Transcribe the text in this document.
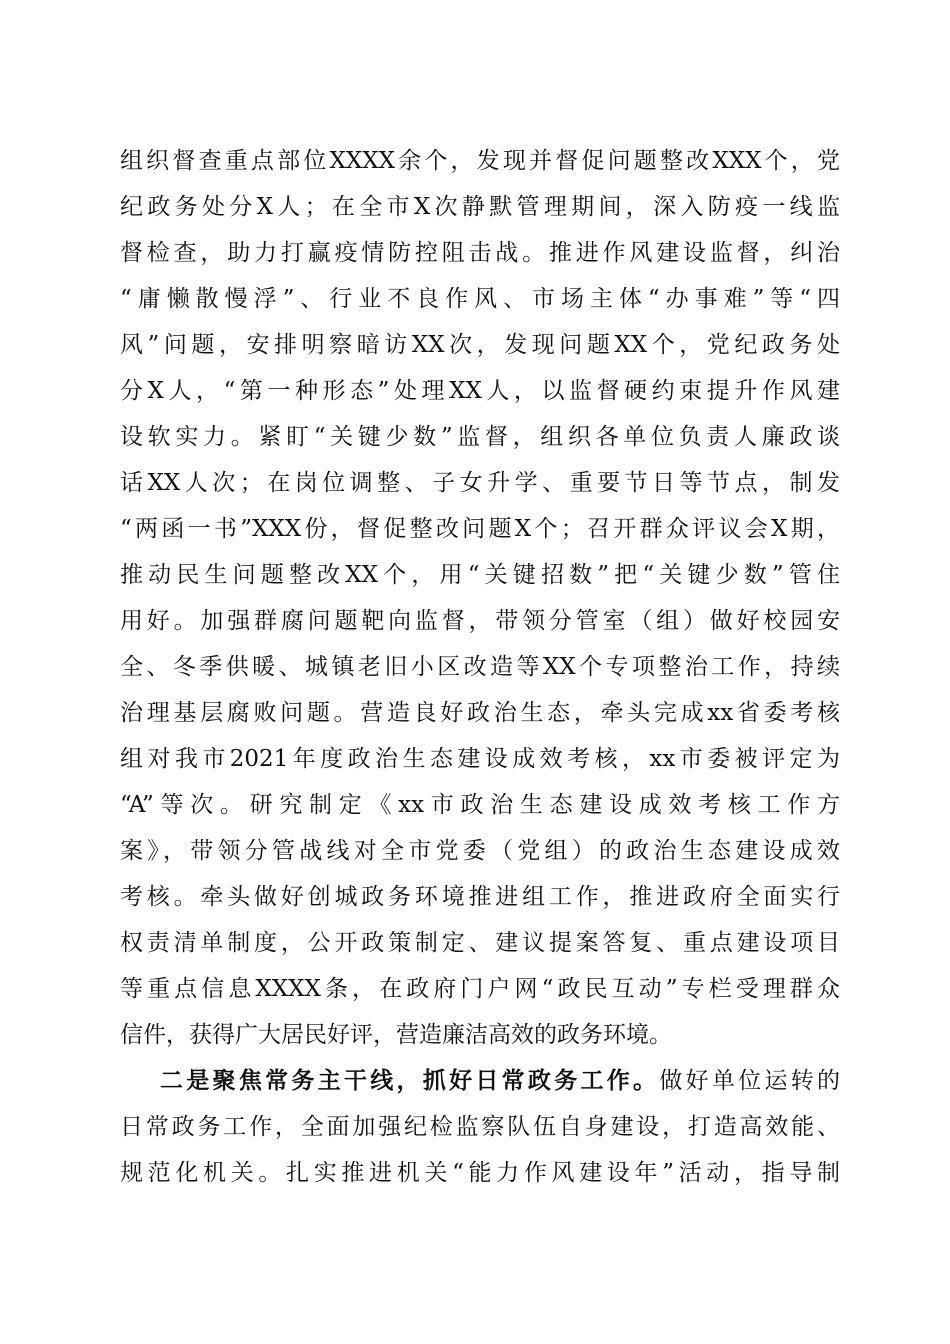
组织督查重点部位XXXX余个，发现并督促问题整改XXX个，党
纪政务处分X人；在全市X次静默管理期间，深入防疫一线监
督检查，助力打赢疫情防控阻击战。推进作风建设监督，纠治
“庸懒散慢浮”、行业不良作风、市场主体“办事难”等“四
风”问题，安排明察暗访XX次，发现问题XX个，党纪政务处
分X人，“第一种形态”处理XX人，以监督硬约束提升作风建
设软实力。紧盯“关键少数”监督，组织各单位负责人廉政谈
话XX人次；在岗位调整、子女升学、重要节日等节点，制发
“两函一书”XXX份，督促整改问题X个；召开群众评议会X期，
推动民生问题整改XX个，用“关键招数”把“关键少数”管住
用好。加强群腐问题靶向监督，带领分管室（组）做好校园安
全、冬季供暖、城镇老旧小区改造等XX个专项整治工作，持续
治理基层腐败问题。营造良好政治生态，牵头完成xx省委考核
组对我市2021年度政治生态建设成效考核，xx市委被评定为
“A”等次。研究制定《xx市政治生态建设成效考核工作方
案》，带领分管战线对全市党委（党组）的政治生态建设成效
考核。牵头做好创城政务环境推进组工作，推进政府全面实行
权责清单制度，公开政策制定、建议提案答复、重点建设项目
等重点信息XXXX条，在政府门户网“政民互动”专栏受理群众
信件，获得广大居民好评，营造廉洁高效的政务环境。
二是聚焦常务主干线，抓好日常政务工作。做好单位运转的
日常政务工作，全面加强纪检监察队伍自身建设，打造高效能、
规范化机关。扎实推进机关“能力作风建设年”活动，指导制
